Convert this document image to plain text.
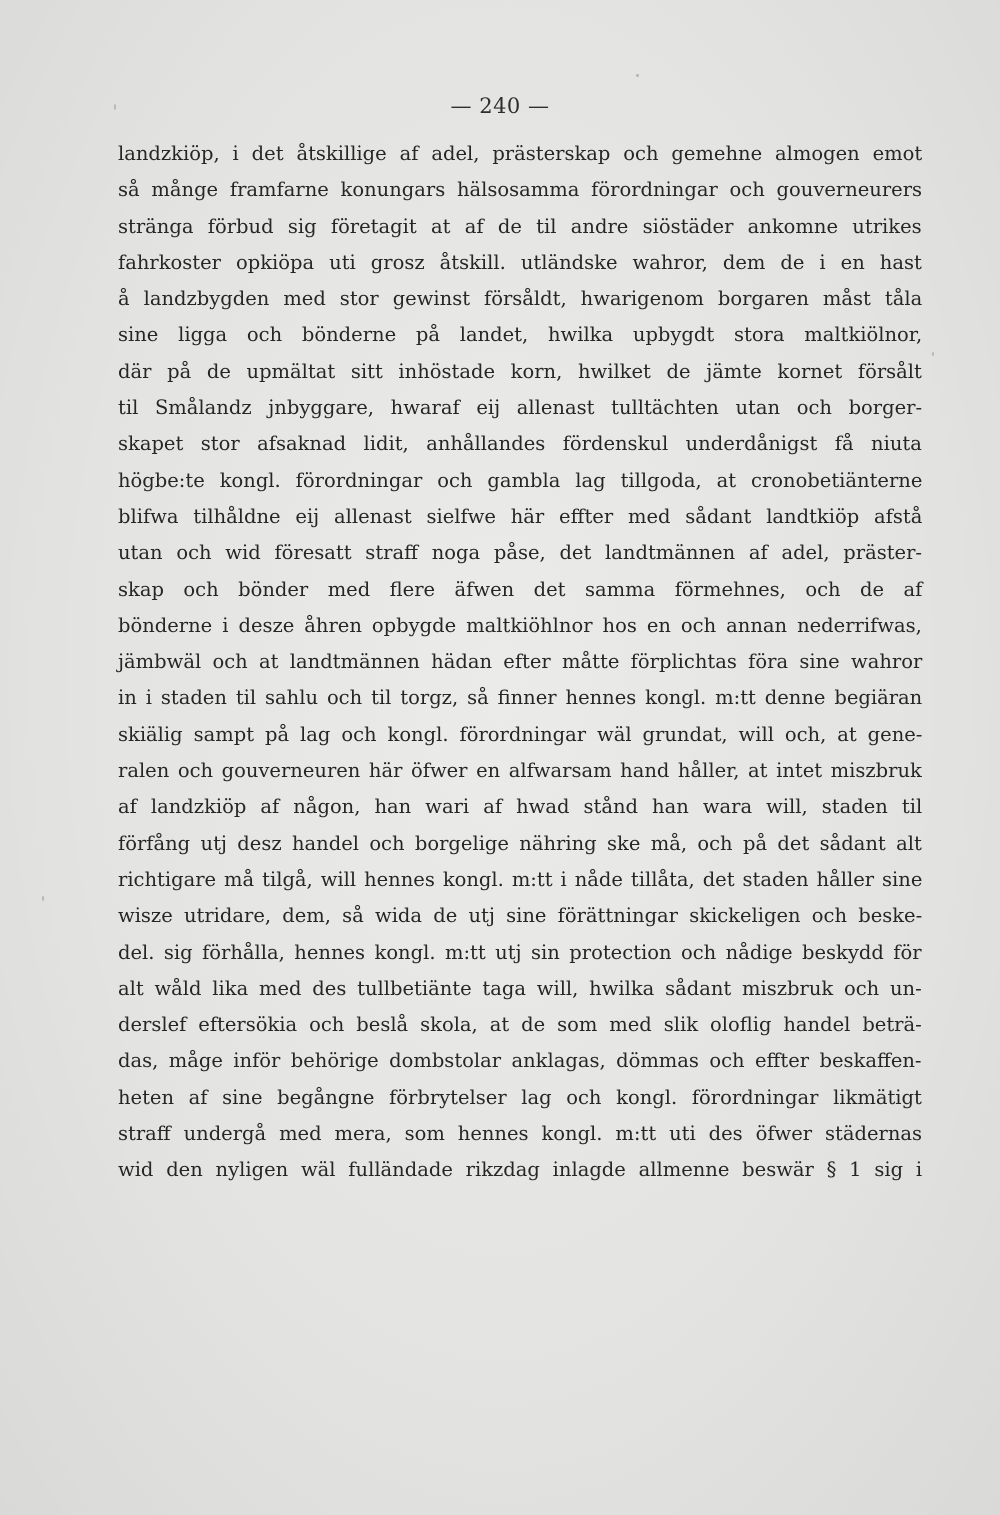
— 240 —
landzkiöp, i det åtskillige af adel, prästerskap och gemehne almogen emot
så månge framfarne konungars hälsosamma förordningar och gouverneurers
stränga förbud sig företagit at af de til andre siöstäder ankomne utrikes
fahrkoster opkiöpa uti grosz åtskill. utländske wahror, dem de i en hast
å landzbygden med stor gewinst försåldt, hwarigenom borgaren måst tåla
sine ligga och bönderne på landet, hwilka upbygdt stora maltkiölnor,
där på de upmältat sitt inhöstade korn, hwilket de jämte kornet försålt
til Smålandz jnbyggare, hwaraf eij allenast tulltächten utan och borger-
skapet stor afsaknad lidit, anhållandes fördenskul underdånigst få niuta
högbe:te kongl. förordningar och gambla lag tillgoda, at cronobetiänterne
blifwa tilhåldne eij allenast sielfwe här effter med sådant landtkiöp afstå
utan och wid föresatt straff noga påse, det landtmännen af adel, präster-
skap och bönder med flere äfwen det samma förmehnes, och de af
bönderne i desze åhren opbygde maltkiöhlnor hos en och annan nederrifwas,
jämbwäl och at landtmännen hädan efter måtte förplichtas föra sine wahror
in i staden til sahlu och til torgz, så finner hennes kongl. m:tt denne begiäran
skiälig sampt på lag och kongl. förordningar wäl grundat, will och, at gene-
ralen och gouverneuren här öfwer en alfwarsam hand håller, at intet miszbruk
af landzkiöp af någon, han wari af hwad stånd han wara will, staden til
förfång utj desz handel och borgelige nähring ske må, och på det sådant alt
richtigare må tilgå, will hennes kongl. m:tt i nåde tillåta, det staden håller sine
wisze utridare, dem, så wida de utj sine förättningar skickeligen och beske-
del. sig förhålla, hennes kongl. m:tt utj sin protection och nådige beskydd för
alt wåld lika med des tullbetiänte taga will, hwilka sådant miszbruk och un-
derslef eftersökia och beslå skola, at de som med slik oloflig handel beträ-
das, måge inför behörige dombstolar anklagas, dömmas och effter beskaffen-
heten af sine begångne förbrytelser lag och kongl. förordningar likmätigt
straff undergå med mera, som hennes kongl. m:tt uti des öfwer städernas
wid den nyligen wäl fulländade rikzdag inlagde allmenne beswär § 1 sig i
